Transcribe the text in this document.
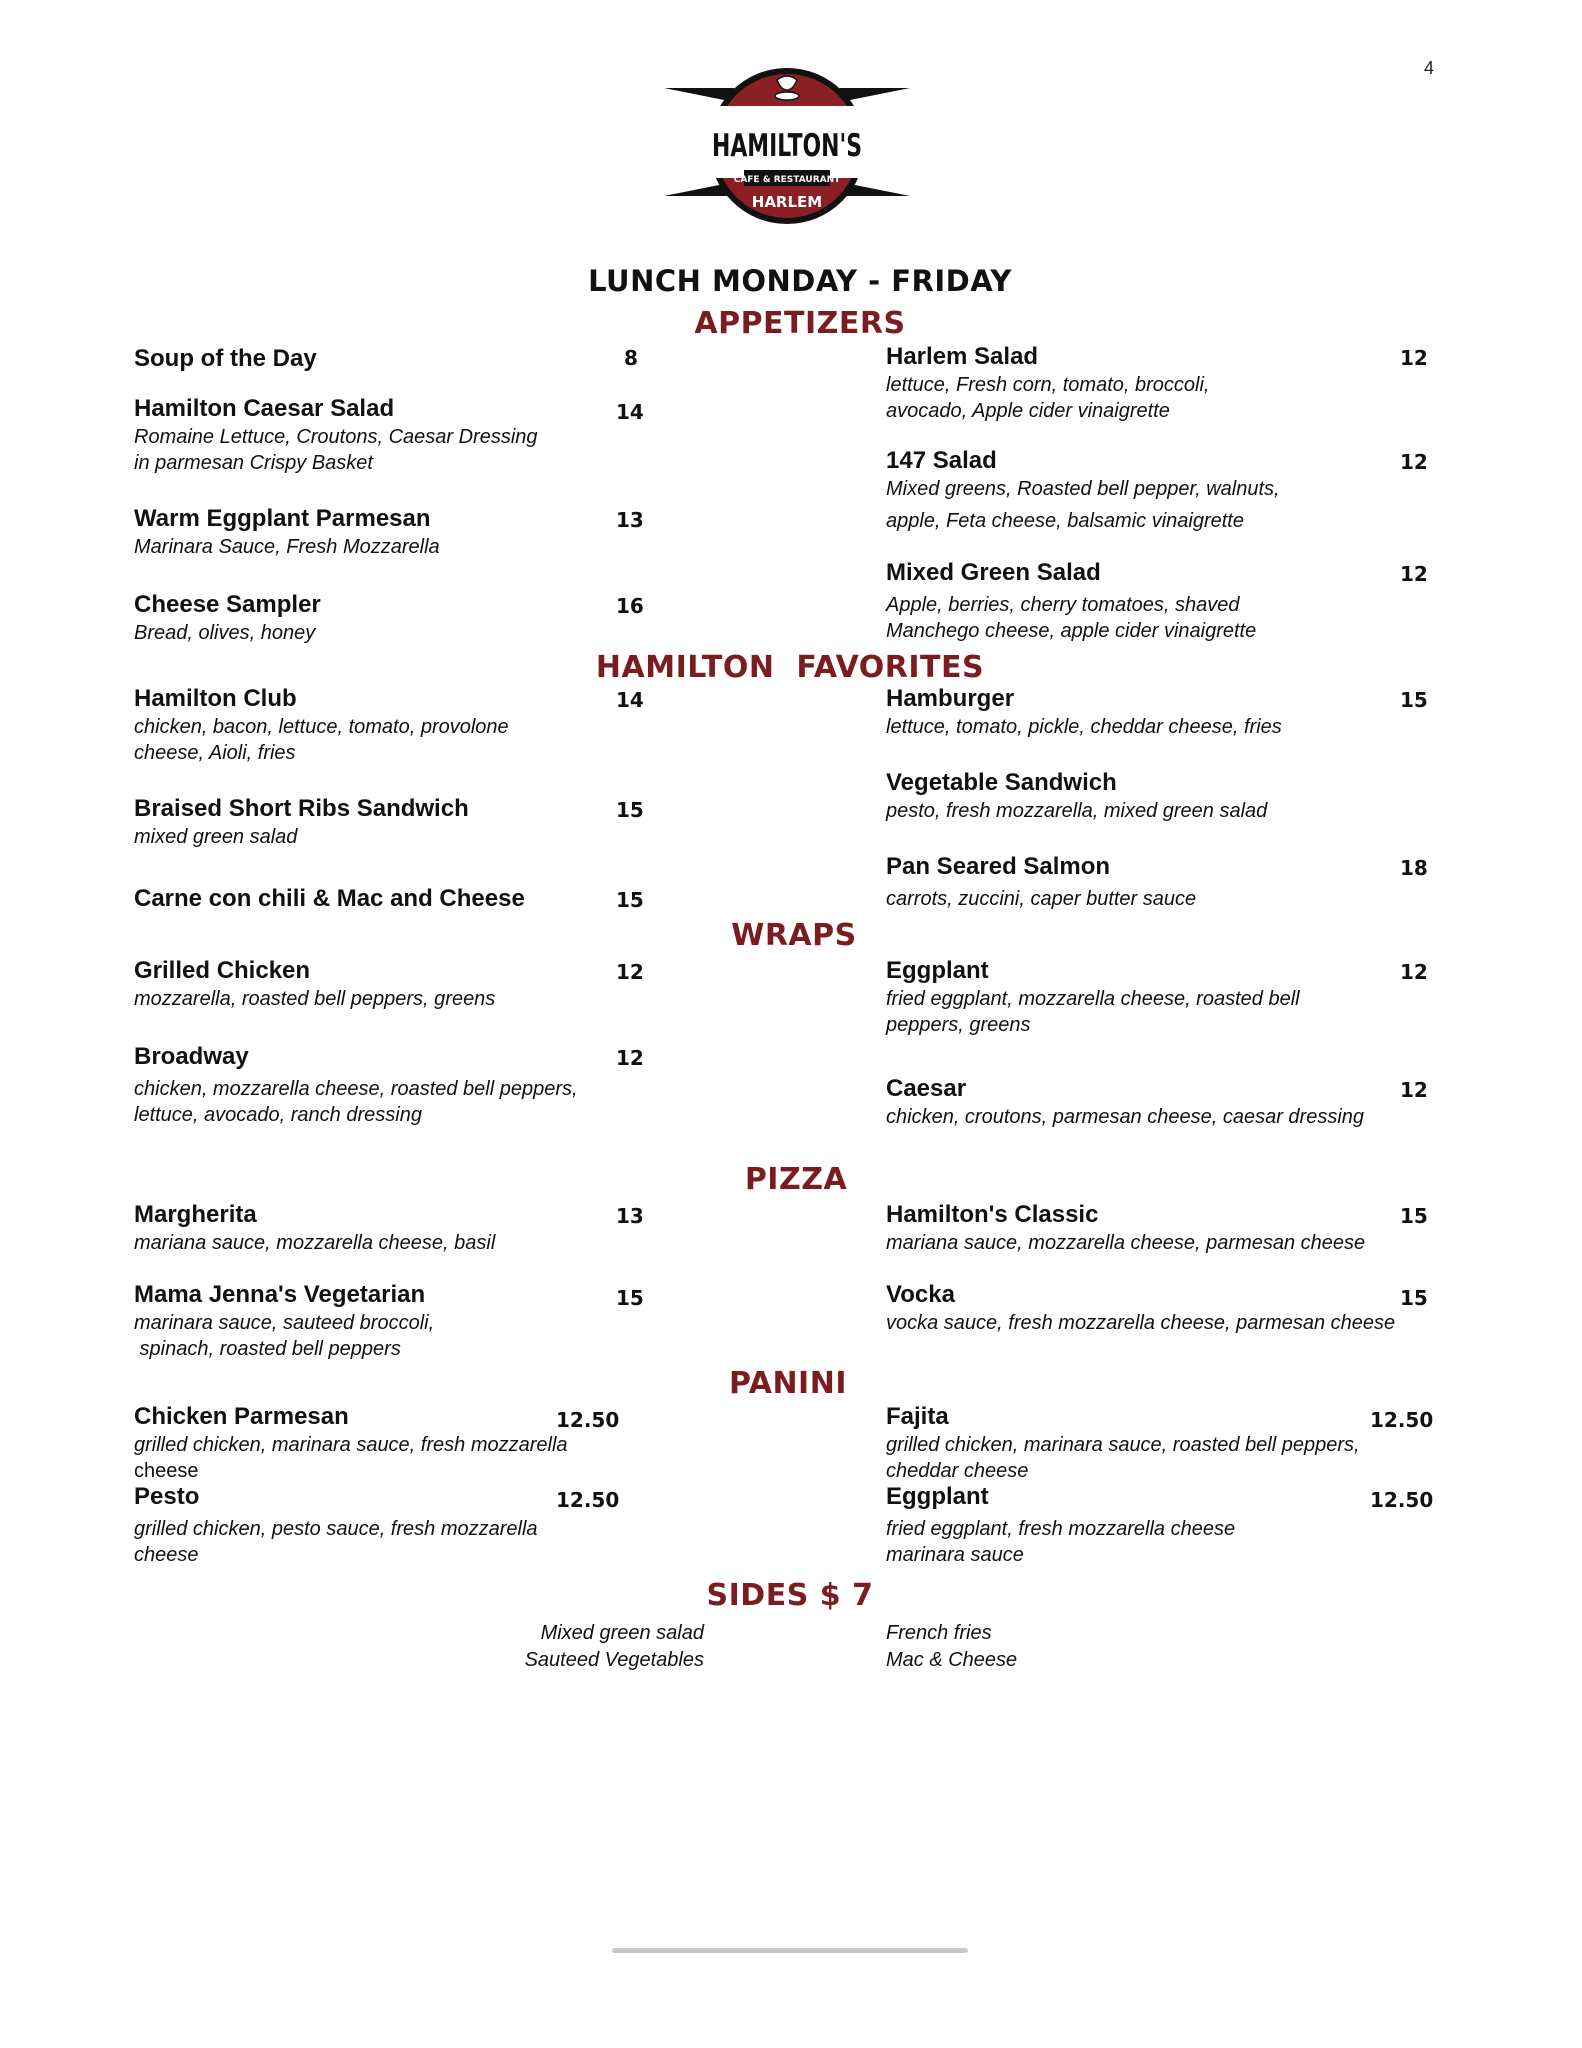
4
HAMILTON'S
CAFE & RESTAURANT
HARLEM
LUNCH MONDAY - FRIDAY
APPETIZERS
Soup of the Day	8
Hamilton Caesar Salad
Romaine Lettuce, Croutons, Caesar Dressing
in parmesan Crispy Basket
14
Warm Eggplant Parmesan
Marinara Sauce, Fresh Mozzarella
13
Cheese Sampler
Bread, olives, honey
16
Harlem Salad
lettuce, Fresh corn, tomato, broccoli,
avocado, Apple cider vinaigrette
12
147 Salad
Mixed greens, Roasted bell pepper, walnuts,
apple, Feta cheese, balsamic vinaigrette
12
Mixed Green Salad
Apple, berries, cherry tomatoes, shaved
Manchego cheese, apple cider vinaigrette
12
HAMILTON  FAVORITES
Hamilton Club
chicken, bacon, lettuce, tomato, provolone
cheese, Aioli, fries
14
Braised Short Ribs Sandwich
mixed green salad
15
Carne con chili & Mac and Cheese	15
Hamburger
lettuce, tomato, pickle, cheddar cheese, fries
15
Vegetable Sandwich
pesto, fresh mozzarella, mixed green salad
Pan Seared Salmon
carrots, zuccini, caper butter sauce
18
WRAPS
Grilled Chicken
mozzarella, roasted bell peppers, greens
12
Broadway
chicken, mozzarella cheese, roasted bell peppers,
lettuce, avocado, ranch dressing
12
Eggplant
fried eggplant, mozzarella cheese, roasted bell
peppers, greens
12
Caesar
chicken, croutons, parmesan cheese, caesar dressing
12
PIZZA
Margherita
mariana sauce, mozzarella cheese, basil
13
Mama Jenna's Vegetarian
marinara sauce, sauteed broccoli,
spinach, roasted bell peppers
15
Hamilton's Classic
mariana sauce, mozzarella cheese, parmesan cheese
15
Vocka
vocka sauce, fresh mozzarella cheese, parmesan cheese
15
PANINI
Chicken Parmesan
grilled chicken, marinara sauce, fresh mozzarella
cheese
12.50
Pesto
grilled chicken, pesto sauce, fresh mozzarella
cheese
12.50
Fajita
grilled chicken, marinara sauce, roasted bell peppers,
cheddar cheese
12.50
Eggplant
fried eggplant, fresh mozzarella cheese
marinara sauce
12.50
SIDES $ 7
Mixed green salad
Sauteed Vegetables
French fries
Mac & Cheese
